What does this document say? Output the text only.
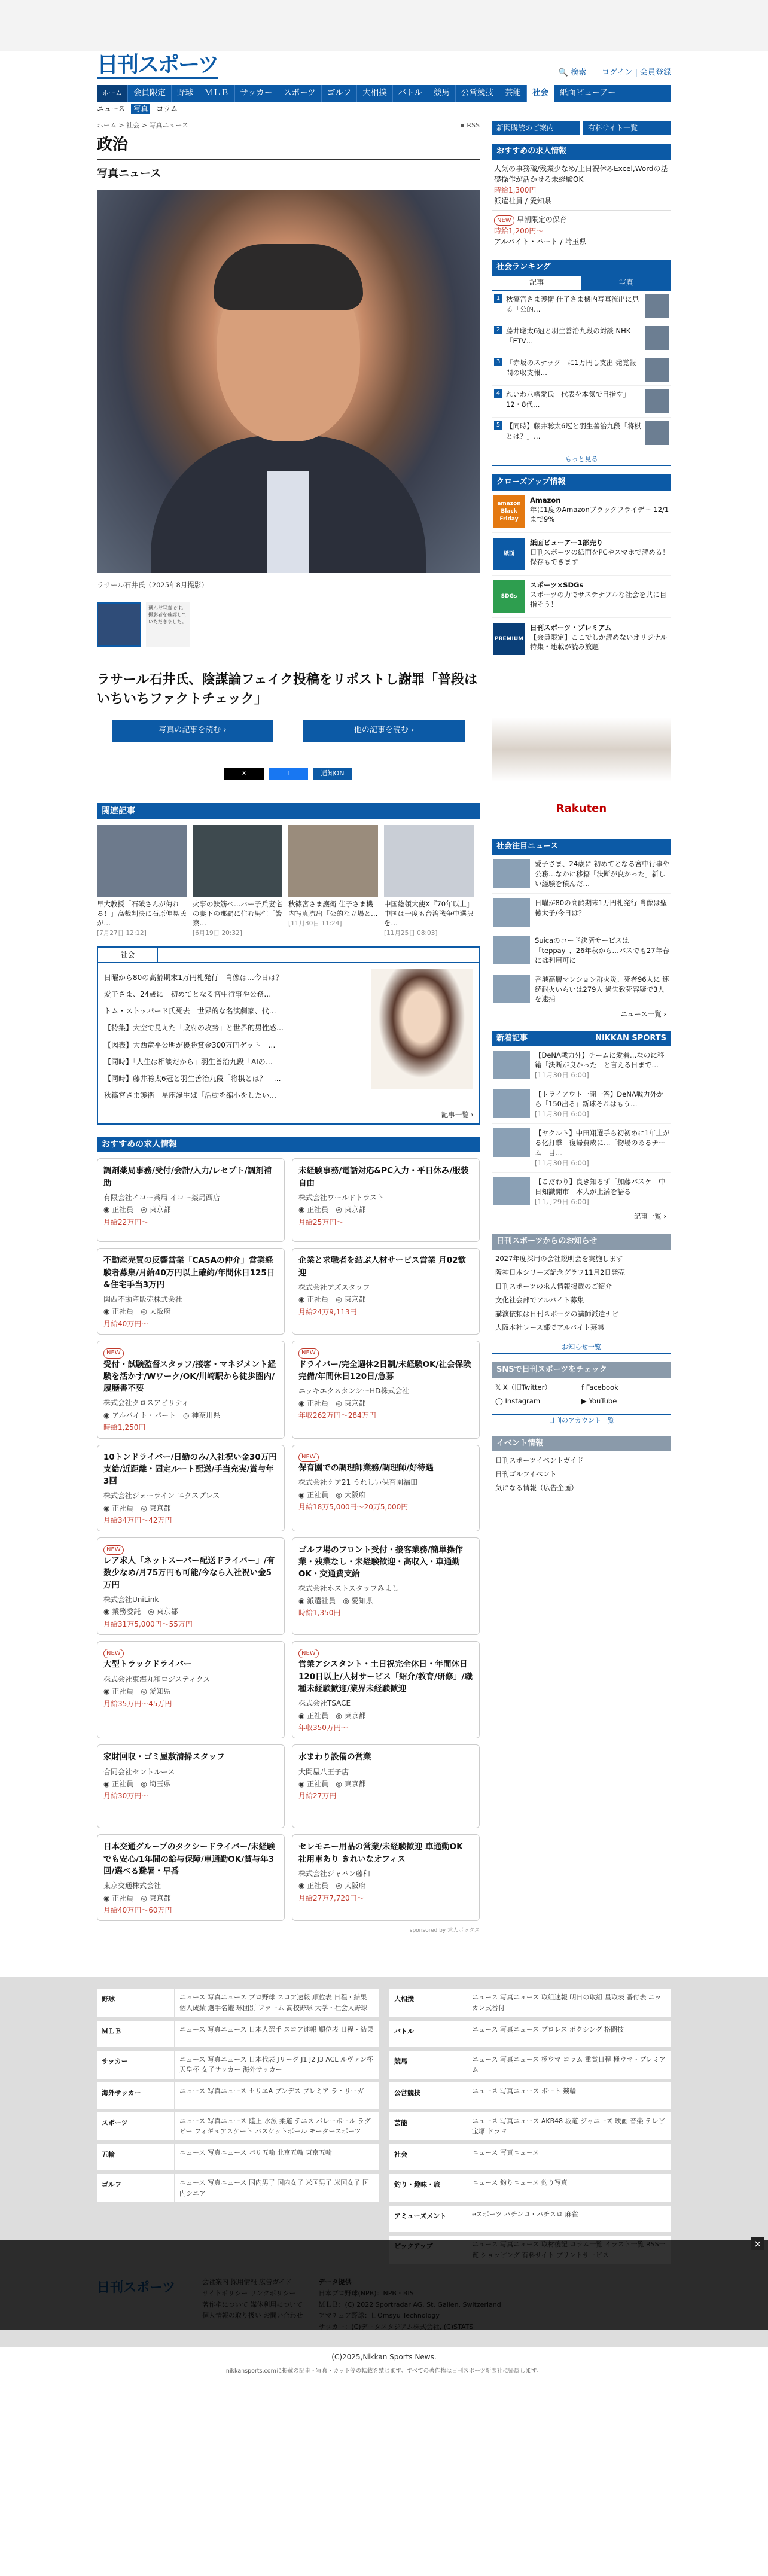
日刊スポーツ	🔍 検索 ログイン | 会員登録
ホーム	会員限定	野球	ＭＬＢ	サッカー	スポーツ	ゴルフ	大相撲	バトル	競馬	公営競技	芸能	社会	紙面ビューアー
ニュース	写真	コラム
ホーム > 社会 > 写真ニュース	▪ RSS
政治
写真ニュース
ラサール石井氏（2025年8月撮影）
選んだ写真です。撮影者を確認していただきました。
ラサール石井氏、陰謀論フェイク投稿をリポストし謝罪「普段はいちいちファクトチェック」
写真の記事を読む ›	他の記事を読む ›
X	f	通知ON
関連記事
早大教授「石破さんが侮れる！」高裁判決に石原伸晃氏が…
[7月27日 12:12]
火事の鉄筋ベ…バー子兵妻宅の妻下の那覇に住む男性「警察…
[6月19日 20:32]
秋篠宮さま護衛 佳子さま機内写真流出「公的な立場と…
[11月30日 11:24]
中国総領大使X『70年以上』中国は一度も台湾戦争中選択を…
[11月25日 08:03]
社会
日曜から80の高齢期末1万円札発行　肖像は…今日は？
愛子さま、24歳に　初めてとなる宮中行事や公務…
トム・ストッパード氏死去　世界的な名演劇家、代…
【特集】大空で見えた「政府の攻勢」と世界的男性感…
【図表】大西竜平公明が優勝賞金300万円ゲット　…
【同時】「人生は相談だから」羽生善治九段「AIの…
【同時】藤井聡太6冠と羽生善治九段「将棋とは？」…
秋篠宮さま護衛　星座誕生ば「活動を縮小をしたい…
記事一覧 ›
おすすめの求人情報
調剤薬局事務/受付/会計/入力/レセプト/調剤補助
有限会社イコー薬局 イコー薬局西店
◉ 正社員　◎ 東京都
月給22万円〜
未経験事務/電話対応&PC入力・平日休み/服装自由
株式会社ワールドトラスト
◉ 正社員　◎ 東京都
月給25万円〜
不動産売買の反響営業「CASAの仲介」営業経験者募集/月給40万円以上確約/年間休日125日&住宅手当3万円
関西不動産販売株式会社
◉ 正社員　◎ 大阪府
月給40万円〜
企業と求職者を結ぶ人材サービス営業 月02歓迎
株式会社アズスタッフ
◉ 正社員　◎ 東京都
月給24万9,113円
NEW
受付・試験監督スタッフ/接客・マネジメント経験を活かす/Wワーク/OK/川崎駅から徒歩圏内/履歴書不要
株式会社クロスアビリティ
◉ アルバイト・パート　◎ 神奈川県
時給1,250円
NEW
ドライバー/完全週休2日制/未経験OK/社会保険完備/年間休日120日/急募
ニッキエクスタンシーHD株式会社
◉ 正社員　◎ 東京都
年収262万円〜284万円
10トンドライバー/日勤のみ/入社祝い金30万円支給/近距離・固定ルート配送/手当充実/賞与年3回
株式会社ジェーライン エクスプレス
◉ 正社員　◎ 東京都
月給34万円〜42万円
NEW
保育園での調理師業務/調理師/好待遇
株式会社ケア21 うれしい保育園福田
◉ 正社員　◎ 大阪府
月給18万5,000円〜20万5,000円
NEW
レア求人「ネットスーパー配送ドライバー」/有数少なめ/月75万円も可能/今なら入社祝い金5万円
株式会社UniLink
◉ 業務委託　◎ 東京都
月給31万5,000円〜55万円
ゴルフ場のフロント受付・接客業務/簡単操作業・残業なし・未経験歓迎・高収入・車通勤OK・交通費支給
株式会社ホストスタッフみよし
◉ 派遣社員　◎ 愛知県
時給1,350円
NEW
大型トラックドライバー
株式会社東海丸和ロジスティクス
◉ 正社員　◎ 愛知県
月給35万円〜45万円
NEW
営業アシスタント・土日祝完全休日・年間休日120日以上/人材サービス「紹介/教育/研修」/職種未経験歓迎/業界未経験歓迎
株式会社TSACE
◉ 正社員　◎ 東京都
年収350万円〜
家財回収・ゴミ屋敷清掃スタッフ
合同会社セントルース
◉ 正社員　◎ 埼玉県
月給30万円〜
水まわり設備の営業
大問屋八王子店
◉ 正社員　◎ 東京都
月給27万円
日本交通グループのタクシードライバー/未経験でも安心/1年間の給与保障/車通勤OK/賞与年3回/選べる避暑・早番
東京交通株式会社
◉ 正社員　◎ 東京都
月給40万円〜60万円
セレモニー用品の営業/未経験歓迎 車通勤OK 社用車あり きれいなオフィス
株式会社ジャパン藤和
◉ 正社員　◎ 大阪府
月給27万7,720円〜
sponsored by 求人ボックス
新聞購読のご案内	有料サイト一覧
おすすめの求人情報
人気の事務職/残業少なめ/土日祝休みExcel,Wordの基礎操作が活かせる未経験OK
時給1,300円
派遣社員 / 愛知県
NEW 早朝限定の保育
時給1,200円〜
アルバイト・パート / 埼玉県
社会ランキング
記事	写真
1 秋篠宮さま護衛 佳子さま機内写真流出に見る「公的…
2 藤井聡太6冠と羽生善治九段の対談 NHK「ETV…
3 「赤坂のスナック」に1万円し支出 発覚報問の収支報…
4 れいわ八幡愛氏「代表を本気で目指す」12・8代…
5 【同時】藤井聡太6冠と羽生善治九段「将棋とは？」…
もっと見る
クローズアップ情報
amazon Black Friday
Amazon
年に1度のAmazonブラックフライデー 12/1まで9%
紙面
紙面ビューアー1部売り
日刊スポーツの紙面をPCやスマホで読める！保存もできます
SDGs
スポーツ×SDGs
スポーツの力でサステナブルな社会を共に目指そう！
PREMIUM
日刊スポーツ・プレミアム
【会員限定】ここでしか読めないオリジナル特集・連載が読み放題
Rakuten
社会注目ニュース
愛子さま、24歳に 初めてとなる宮中行事や公務…なかに移籍「決断が良かった」新しい経験を積んだ…
日曜が80の高齢期末1万円札発行 肖像は聖徳太子/今日は？
Suicaのコード決済サービスは「teppay」、26年秋から…バスでも27年春には利用可に
香港高層マンション群火災、死者96人に 連続耐火いらいは279人 過失致死容疑で3人を逮捕
ニュース一覧 ›
新着記事	NIKKAN SPORTS
【DeNA戦力外】チームに愛着…なのに移籍「決断が良かった」と言える日まで…
[11月30日 6:00]
【トライアウト一問一答】DeNA戦力外から「150出る」新球それはもう…
[11月30日 6:00]
【ヤクルト】中田翔選手ら初初めに1年上がる化打撃　復帰費成に…「物場のあるチーム　目…
[11月30日 6:00]
【こだわり】良き知るず「加藤バスケ」中日知識開市　本人が上満を語る
[11月29日 6:00]
記事一覧 ›
日刊スポーツからのお知らせ
2027年度採用の会社説明会を実施します
阪神日本シリーズ記念グラフ11月2日発売
日刊スポーツの求人情報掲載のご紹介
文化社会部でアルバイト募集
講演依頼は日刊スポーツの講師派遣ナビ
大阪本社レース部でアルバイト募集
お知らせ一覧
SNSで日刊スポーツをチェック
𝕏 X（旧Twitter）	f Facebook
◯ Instagram	▶ YouTube
日刊のアカウント一覧
イベント情報
日刊スポーツイベントガイド
日刊ゴルフイベント
気になる情報（広告企画）
野球	ニュース 写真ニュース プロ野球 スコア速報 順位表 日程・結果 個人成績 選手名鑑 球団別 ファーム 高校野球 大学・社会人野球
大相撲	ニュース 写真ニュース 取組速報 明日の取組 星取表 番付表 ニッカン式番付
ＭＬＢ	ニュース 写真ニュース 日本人選手 スコア速報 順位表 日程・結果	バトル	ニュース 写真ニュース プロレス ボクシング 格闘技
サッカー	ニュース 写真ニュース 日本代表 Jリーグ J1 J2 J3 ACL ルヴァン杯 天皇杯 女子サッカー 海外サッカー
競馬	ニュース 写真ニュース 極ウマ コラム 重賞日程 極ウマ・プレミアム
海外サッカー	ニュース 写真ニュース セリエA ブンデス プレミア ラ・リーガ	公営競技	ニュース 写真ニュース ボート 競輪
スポーツ	ニュース 写真ニュース 陸上 水泳 柔道 テニス バレーボール ラグビー フィギュアスケート バスケットボール モータースポーツ
芸能	ニュース 写真ニュース AKB48 坂道 ジャニーズ 映画 音楽 テレビ 宝塚 ドラマ
五輪	ニュース 写真ニュース パリ五輪 北京五輪 東京五輪	社会	ニュース 写真ニュース
ゴルフ	ニュース 写真ニュース 国内男子 国内女子 米国男子 米国女子 国内シニア
釣り・趣味・旅	ニュース 釣りニュース 釣り写真
アミューズメント	eスポーツ パチンコ・パチスロ 麻雀
(C)2025,Nikkan Sports News.
nikkansports.comに掲載の記事・写真・カット等の転載を禁じます。すべての著作権は日刊スポーツ新聞社に帰属します。
×
